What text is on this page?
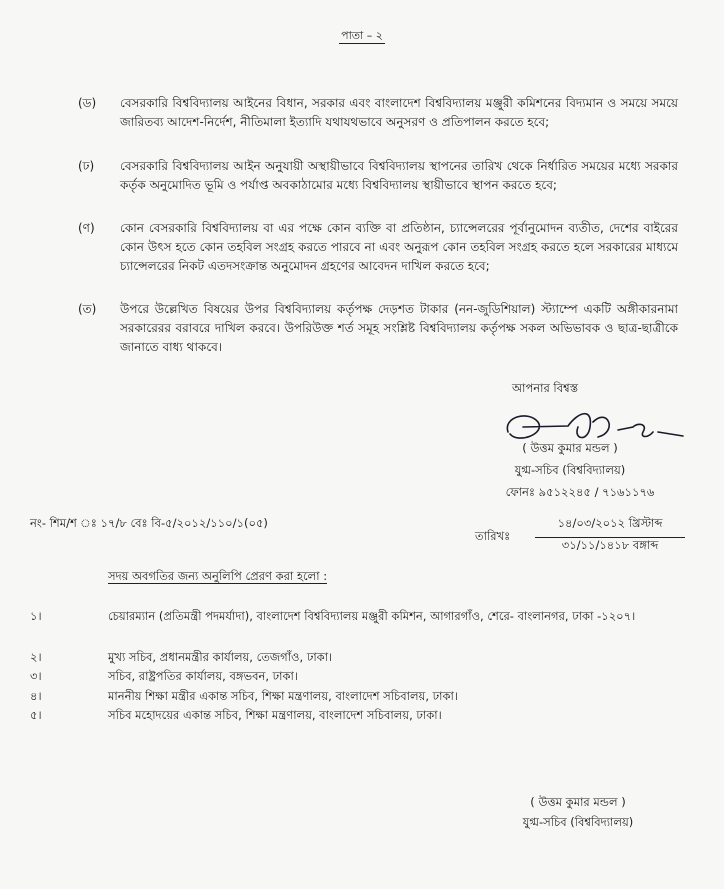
পাতা – ২
(ড)	বেসরকারি বিশ্ববিদ্যালয় আইনের বিধান, সরকার এবং বাংলাদেশ বিশ্ববিদ্যালয় মঞ্জুরী কমিশনের বিদ্যমান ও সময়ে সময়ে জারিতব্য আদেশ-নির্দেশ, নীতিমালা ইত্যাদি যথাযথভাবে অনুসরণ ও প্রতিপালন করতে হবে;
(ঢ)	বেসরকারি বিশ্ববিদ্যালয় আইন অনুযায়ী অস্থায়ীভাবে বিশ্ববিদ্যালয় স্থাপনের তারিখ থেকে নির্ধারিত সময়ের মধ্যে সরকার কর্তৃক অনুমোদিত ভূমি ও পর্যাপ্ত অবকাঠামোর মধ্যে বিশ্ববিদ্যালয় স্থায়ীভাবে স্থাপন করতে হবে;
(ণ)	কোন বেসরকারি বিশ্ববিদ্যালয় বা এর পক্ষে কোন ব্যক্তি বা প্রতিষ্ঠান, চ্যান্সেলরের পূর্বানুমোদন ব্যতীত, দেশের বাইরের কোন উৎস হতে কোন তহবিল সংগ্রহ করতে পারবে না এবং অনুরূপ কোন তহবিল সংগ্রহ করতে হলে সরকারের মাধ্যমে চ্যান্সেলরের নিকট এতদসংক্রান্ত অনুমোদন গ্রহণের আবেদন দাখিল করতে হবে;
(ত)	উপরে উল্লেখিত বিষয়ের উপর বিশ্ববিদ্যালয় কর্তৃপক্ষ দেড়শত টাকার (নন-জুডিশিয়াল) স্ট্যাম্পে একটি অঙ্গীকারনামা সরকারেরর বরাবরে দাখিল করবে। উপরিউক্ত শর্ত সমূহ সংশ্লিষ্ট বিশ্ববিদ্যালয় কর্তৃপক্ষ সকল অভিভাবক ও ছাত্র-ছাত্রীকে জানাতে বাধ্য থাকবে।
আপনার বিশ্বস্ত
( উত্তম কুমার মন্ডল )
যুগ্ম-সচিব (বিশ্ববিদ্যালয়)
ফোনঃ ৯৫১২২৪৫ / ৭১৬১১৭৬
নং- শিম/শ ঃ ১৭/৮ বেঃ বি-৫/২০১২/১১০/১(০৫)
তারিখঃ
১৪/০৩/২০১২ খ্রিস্টাব্দ
৩১/১১/১৪১৮ বঙ্গাব্দ
সদয় অবগতির জন্য অনুলিপি প্রেরণ করা হলো :
১।	চেয়ারম্যান (প্রতিমন্ত্রী পদমর্যাদা), বাংলাদেশ বিশ্ববিদ্যালয় মঞ্জুরী কমিশন, আগারগাঁও, শেরে- বাংলানগর, ঢাকা -১২০৭।
২।	মুখ্য সচিব, প্রধানমন্ত্রীর কার্যালয়, তেজগাঁও, ঢাকা।
৩।	সচিব, রাষ্ট্রপতির কার্যালয়, বঙ্গভবন, ঢাকা।
৪।	মাননীয় শিক্ষা মন্ত্রীর একান্ত সচিব, শিক্ষা মন্ত্রণালয়, বাংলাদেশ সচিবালয়, ঢাকা।
৫।	সচিব মহোদয়ের একান্ত সচিব, শিক্ষা মন্ত্রণালয়, বাংলাদেশ সচিবালয়, ঢাকা।
( উত্তম কুমার মন্ডল )
যুগ্ম-সচিব (বিশ্ববিদ্যালয়)
